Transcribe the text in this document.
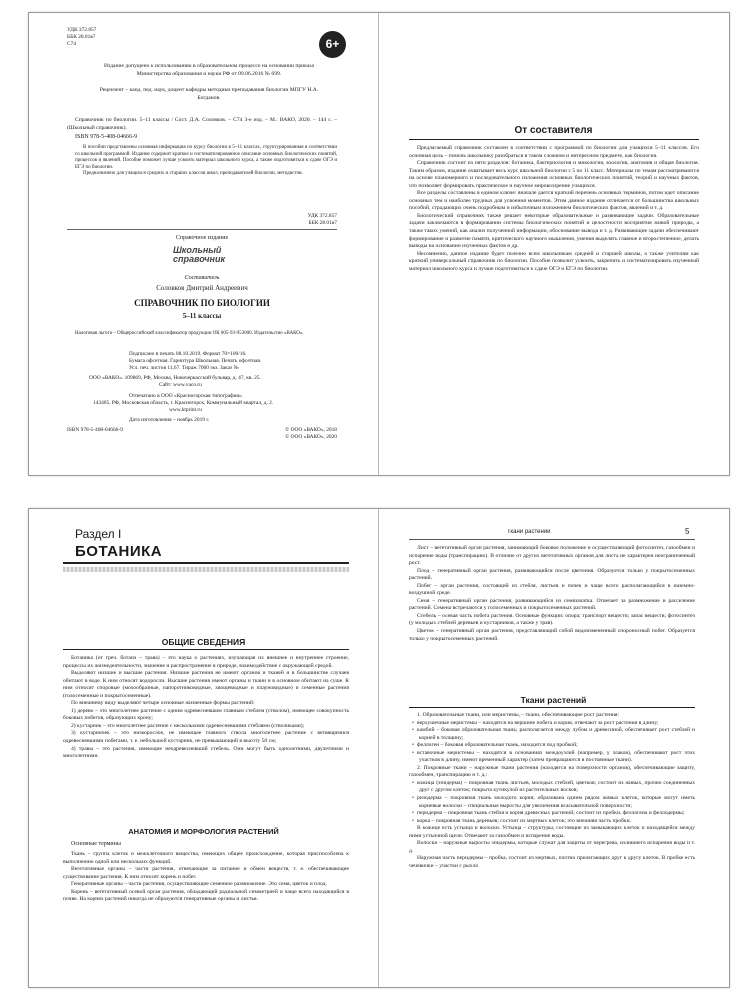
УДК 372.857
ББК 28.01я7
С74	6+

Издание допущено к использованию в образовательном процессе на основании приказа Министерства образования и науки РФ от 09.06.2016 № 699.

Рецензент – канд. пед. наук, доцент кафедры методики преподавания биологии МПГУ Н.А. Богданов.

Справочник по биологии. 5–11 классы / Сост. Д.А. Соловков. – С74 3-е изд. – М.: ВАКО, 2020. – 144 с. – (Школьный справочник).

ISBN 978-5-408-04666-9

В пособии представлены основная информация по курсу биологии в 5–11 классах, структурированная в соответствии со школьной программой. Издание содержит краткое и систематизированное описание основных биологических понятий, процессов и явлений. Пособие поможет лучше усвоить материал школьного курса, а также подготовиться к сдаче ОГЭ и ЕГЭ по биологии.

Предназначено для учащихся средних и старших классов школ, преподавателей биологии, методистов.

УДК 372.857
ББК 28.01я7
Справочное издание
Школьный
справочник
Составитель
Соловков Дмитрий Андреевич
СПРАВОЧНИК ПО БИОЛОГИИ
5–11 классы

Налоговая льгота – Общероссийский классификатор продукции ОК 005-93-953000. Издательство «ВАКО».

Подписано в печать 08.10.2019. Формат 70×100/16.
Бумага офсетная. Гарнитура Школьная. Печать офсетная.
Усл. печ. листов 11,67. Тираж 7000 экз. Заказ №
ООО «ВАКО». 109869, РФ, Москва, Новочеркасский бульвар, д. 47, кв. 25.
Сайт: www.vaco.ru
Отпечатано в ООО «Красногорская типография».
143405, РФ, Московская область, г. Красногорск, Коммунальный квартал, д. 2.
www.ktprint.ru
Дата изготовления – ноябрь 2019 г.
ISBN 978-5-408-04666-9	© ООО «ВАКО», 2018
© ООО «ВАКО», 2020
От составителя

Предлагаемый справочник составлен в соответствии с программой по биологии для учащихся 5–11 классов. Его основная цель – помочь школьнику разобраться в таком сложном и интересном предмете, как биология.

Справочник состоит из пяти разделов: ботаника, бактериология и микология, зоология, анатомия и общая биология. Таким образом, издание охватывает весь курс школьной биологии с 5 по 11 класс. Материалы по темам рассматриваются на основе планомерного и последовательного изложения основных биологических понятий, теорий и научных фактов, что позволяет формировать практическое и научное мировоззрение учащихся.

Все разделы составлены в едином ключе: вначале дается краткий перечень основных терминов, потом идет описание основных тем и наиболее трудных для усвоения моментов. Этим данное издание отличается от большинства школьных пособий, страдающих очень подробным и избыточным изложением биологических фактов, явлений и т. д.

Биологический справочник также решает некоторые образовательные и развивающие задачи. Образовательные задачи заключаются в формировании системы биологических понятий и целостности восприятия живой природы, а также таких умений, как анализ полученной информации, обоснование вывода и т. д. Развивающие задачи обеспечивают формирование и развитие памяти, критического научного мышления, умения выделять главное и второстепенное, делать выводы на основании изученных фактов и др.

Несомненно, данное издание будет полезно всем школьникам средней и старшей школы, а также учителям как краткий универсальный справочник по биологии. Пособие позволит усвоить, закрепить и систематизировать изученный материал школьного курса и лучше подготовиться к сдаче ОГЭ и ЕГЭ по биологии.

Раздел I
БОТАНИКА
ОБЩИЕ СВЕДЕНИЯ

Ботаника (от греч. ботанэ – трава) – это наука о растениях, изучающая их внешнее и внутреннее строение, процессы их жизнедеятельности, значение и распространение в природе, взаимодействие с окружающей средой.

Выделяют низшие и высшие растения. Низшие растения не имеют органов и тканей и в большинстве случаев обитают в воде. К ним относят водоросли. Высшие растения имеют органы и ткани и в основном обитают на суше. К ним относят споровые (мохообразные, папоротниковидные, хвощевидные и плауновидные) и семенные растения (голосеменные и покрытосеменные).

По внешнему виду выделяют четыре основные жизненные формы растений:

1) дерево – это многолетнее растение с одним одревесневшим главным стеблем (стволом), имеющее совокупность боковых побегов, образующих крону;

2) кустарник – это многолетнее растение с несколькими одревесневшими стеблями (стволиками);

3) кустарничек – это низкорослое, не имеющее главного ствола многолетнее растение с ветвящимися одревесневшими побегами, т. е. небольшой кустарник, не превышающий в высоту 50 см;

4) травы – это растения, имеющие неодревесневший стебель. Они могут быть однолетними, двулетними и многолетними.

АНАТОМИЯ И МОРФОЛОГИЯ РАСТЕНИЙ
Основные термины

Ткань – группа клеток и межклеточного вещества, имеющих общее происхождение, которая приспособлена к выполнению одной или нескольких функций.

Вегетативные органы – части растения, отвечающие за питание и обмен веществ, т. е. обеспечивающие существование растения. К ним относят корень и побег.

Генеративные органы – части растения, осуществляющие семенное размножение. Это семя, цветок и плод.

Корень – вегетативный осевой орган растения, обладающий радиальной симметрией и чаще всего находящийся в почве. На корнях растений никогда не образуются генеративные органы и листья.

Ткани растений	5

Лист – вегетативный орган растения, занимающий боковое положение и осуществляющий фотосинтез, газообмен и испарение воды (транспирацию). В отличие от других вегетативных органов для листа не характерен неограниченный рост.

Плод – генеративный орган растения, развивающийся после цветения. Образуется только у покрытосеменных растений.

Побег – орган растения, состоящий из стебля, листьев и почек и чаще всего располагающийся в наземно-воздушной среде.

Семя – генеративный орган растения, развивающийся из семязачатка. Отвечает за размножение и расселение растений. Семена встречаются у голосеменных и покрытосеменных растений.

Стебель – осевая часть побега растения. Основные функции: опора; транспорт веществ; запас веществ; фотосинтез (у молодых стеблей деревьев и кустарников, а также у трав).

Цветок – генеративный орган растения, представляющий собой видоизмененный спороносный побег. Образуется только у покрытосеменных растений.

Ткани растений

1. Образовательные ткани, или меристемы, – ткани, обеспечивающие рост растения:

• верхушечные меристемы – находятся на вершине побега и корня, отвечают за рост растения в длину;
• камбий – боковая образовательная ткань; располагается между лубом и древесиной, обеспечивает рост стеблей и корней в толщину;
• феллоген – боковая образовательная ткань, находится под пробкой;
• вставочные меристемы – находятся в основаниях междоузлий (например, у злаков), обеспечивают рост этих участков в длину, имеют временный характер (затем превращаются в постоянные ткани).

2. Покровные ткани – наружные ткани растения (находятся на поверхности органов), обеспечивающие защиту, газообмен, транспирацию и т. д.:

• кожица (эпидерма) – покровная ткань листьев, молодых стеблей, цветков; состоит из живых, прочно соединенных друг с другом клеток; покрыта кутикулой из растительных восков;
• ризодерма – покровная ткань молодого корня; образована одним рядом живых клеток, которые могут иметь корневые волоски – специальные выросты для увеличения всасывательной поверхности;
• перидерма – покровная ткань стебля и корня древесных растений; состоит из пробки, феллогена и феллодермы;
• корка – покровная ткань деревьев; состоит из мертвых клеток; это внешняя часть пробки.

В кожице есть устьица и волоски. Устьица – структуры, состоящие из замыкающих клеток и находящейся между ними устьичной щели. Отвечают за газообмен и испарение воды.

Волоски – наружные выросты эпидермы, которые служат для защиты от перегрева, излишнего испарения воды и т. д.

Наружная часть перидермы – пробка, состоит из мертвых, плотно прилегающих друг к другу клеток. В пробке есть чечевички – участки с рыхло
